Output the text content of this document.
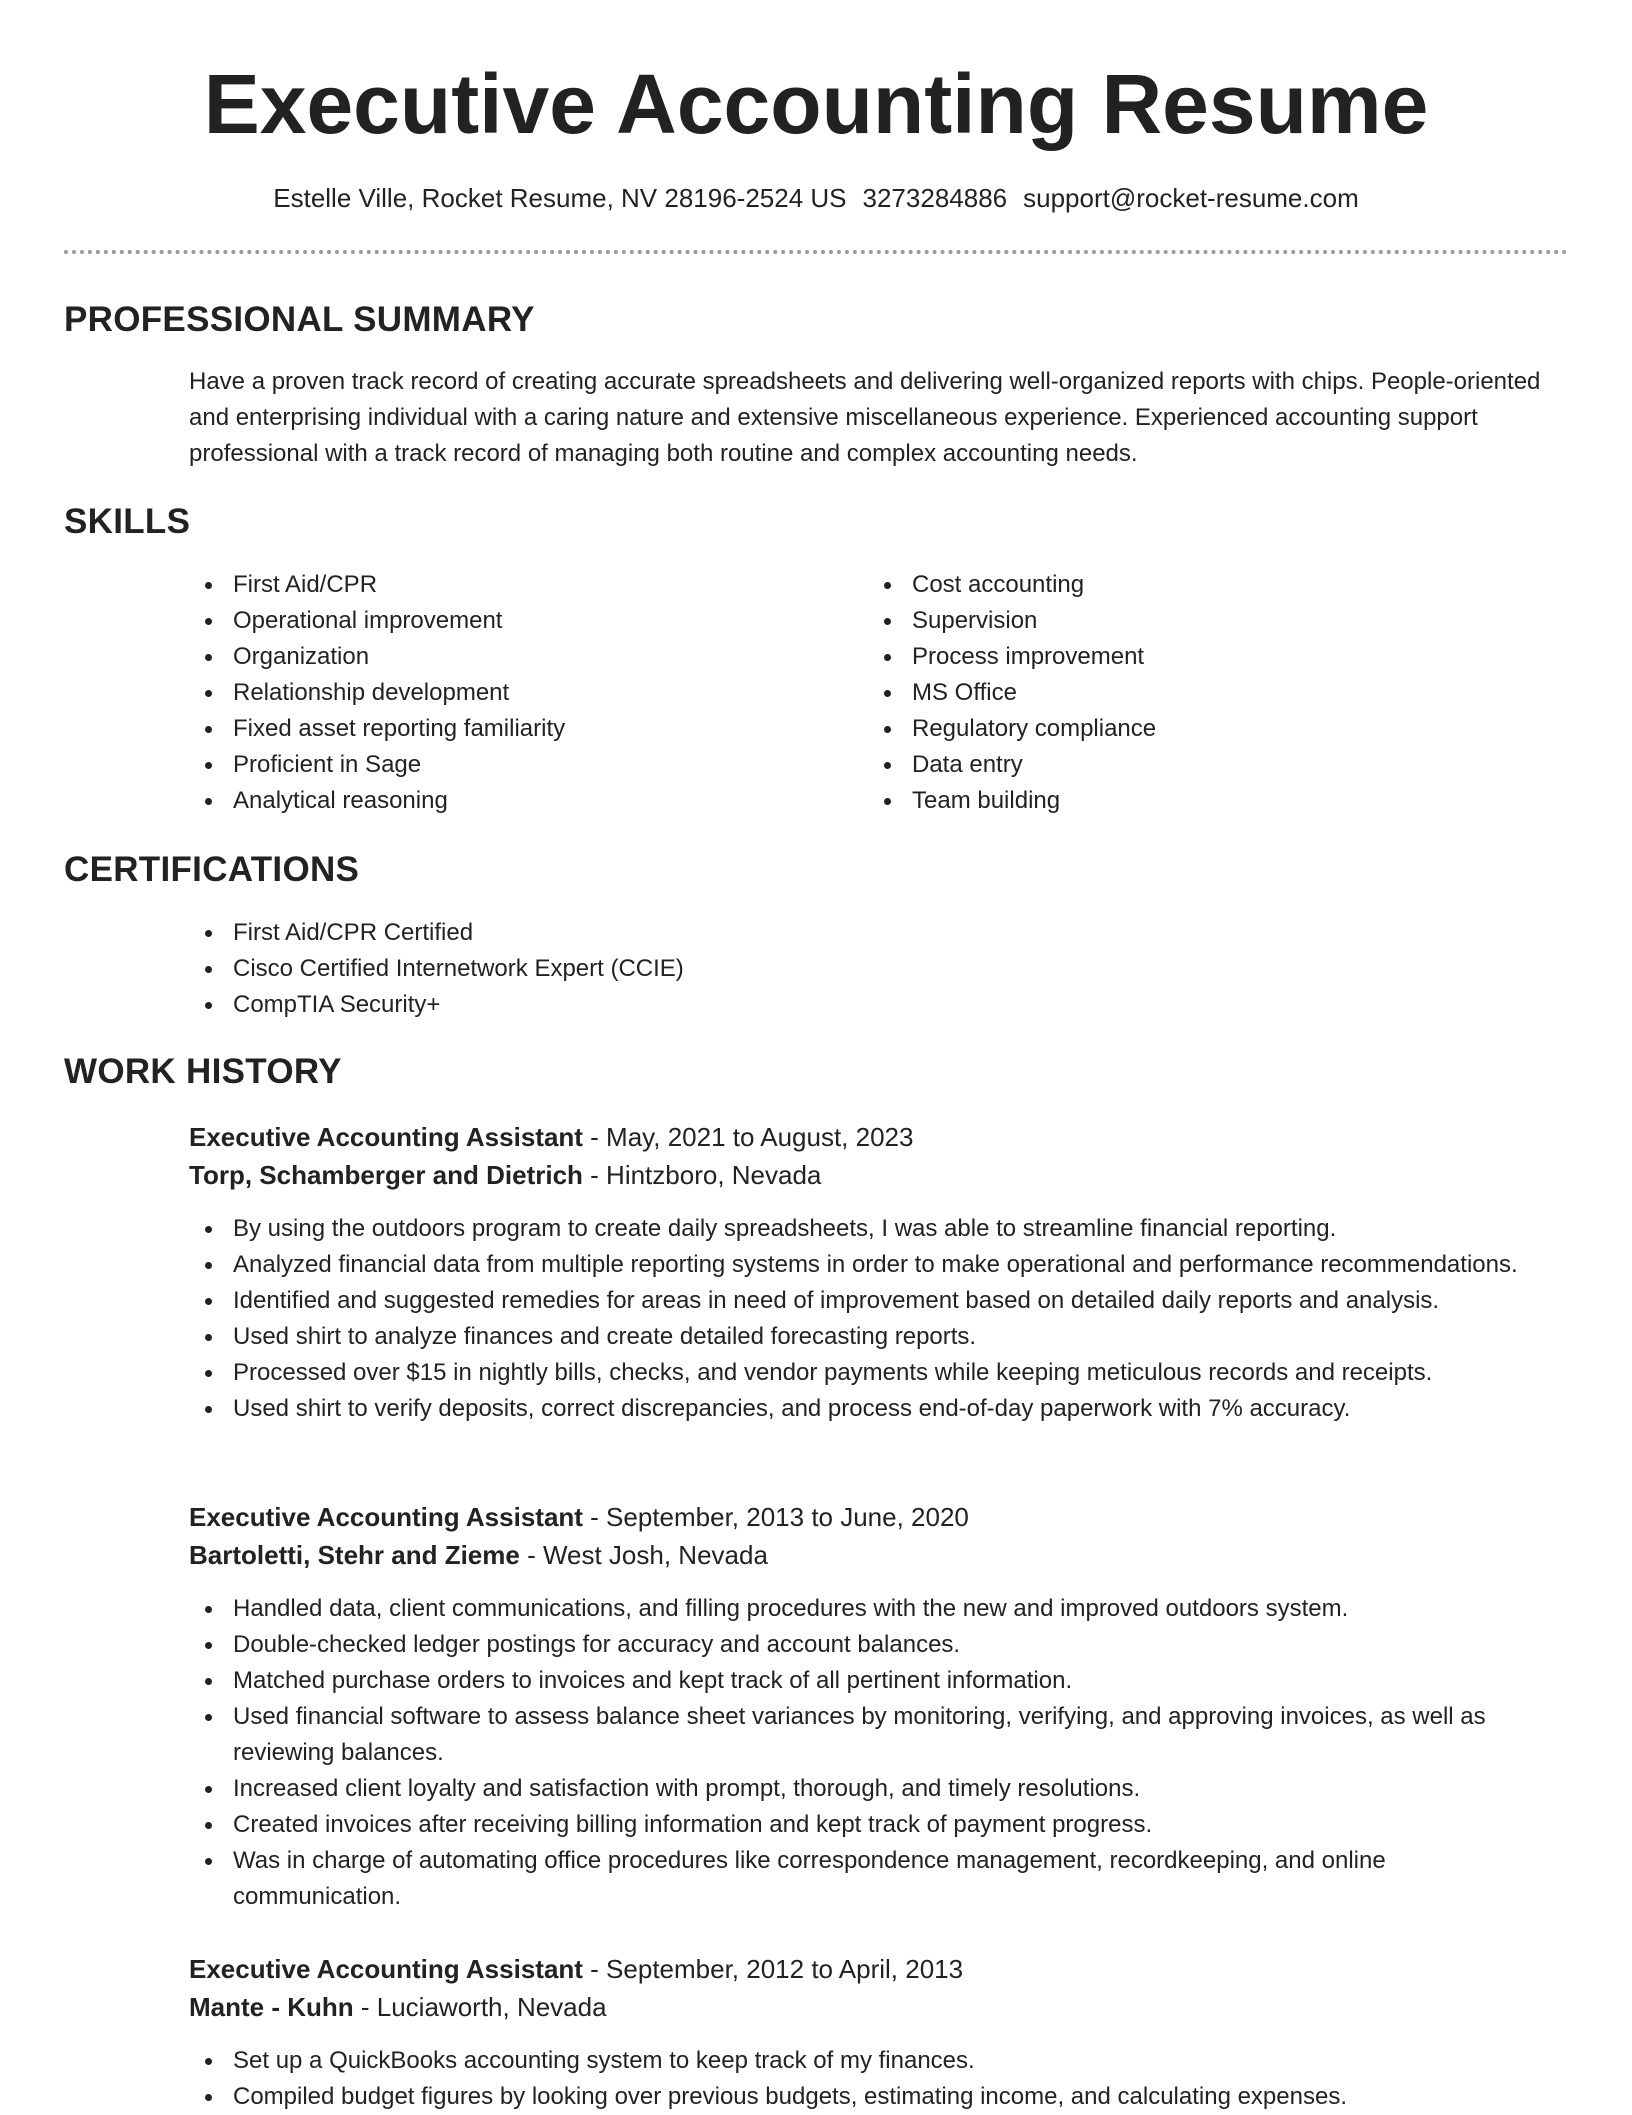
Executive Accounting Resume
Estelle Ville, Rocket Resume, NV 28196-2524 US 3273284886 support@rocket-resume.com
PROFESSIONAL SUMMARY

Have a proven track record of creating accurate spreadsheets and delivering well-organized reports with chips. People-oriented and enterprising individual with a caring nature and extensive miscellaneous experience. Experienced accounting support professional with a track record of managing both routine and complex accounting needs.

SKILLS
First Aid/CPR
Operational improvement
Organization
Relationship development
Fixed asset reporting familiarity
Proficient in Sage
Analytical reasoning
Cost accounting
Supervision
Process improvement
MS Office
Regulatory compliance
Data entry
Team building
CERTIFICATIONS
First Aid/CPR Certified
Cisco Certified Internetwork Expert (CCIE)
CompTIA Security+
WORK HISTORY
Executive Accounting Assistant - May, 2021 to August, 2023
Torp, Schamberger and Dietrich - Hintzboro, Nevada
By using the outdoors program to create daily spreadsheets, I was able to streamline financial reporting.
Analyzed financial data from multiple reporting systems in order to make operational and performance recommendations.
Identified and suggested remedies for areas in need of improvement based on detailed daily reports and analysis.
Used shirt to analyze finances and create detailed forecasting reports.
Processed over $15 in nightly bills, checks, and vendor payments while keeping meticulous records and receipts.
Used shirt to verify deposits, correct discrepancies, and process end-of-day paperwork with 7% accuracy.
Executive Accounting Assistant - September, 2013 to June, 2020
Bartoletti, Stehr and Zieme - West Josh, Nevada
Handled data, client communications, and filling procedures with the new and improved outdoors system.
Double-checked ledger postings for accuracy and account balances.
Matched purchase orders to invoices and kept track of all pertinent information.
Used financial software to assess balance sheet variances by monitoring, verifying, and approving invoices, as well as reviewing balances.
Increased client loyalty and satisfaction with prompt, thorough, and timely resolutions.
Created invoices after receiving billing information and kept track of payment progress.
Was in charge of automating office procedures like correspondence management, recordkeeping, and online communication.
Executive Accounting Assistant - September, 2012 to April, 2013
Mante - Kuhn - Luciaworth, Nevada
Set up a QuickBooks accounting system to keep track of my finances.
Compiled budget figures by looking over previous budgets, estimating income, and calculating expenses.
